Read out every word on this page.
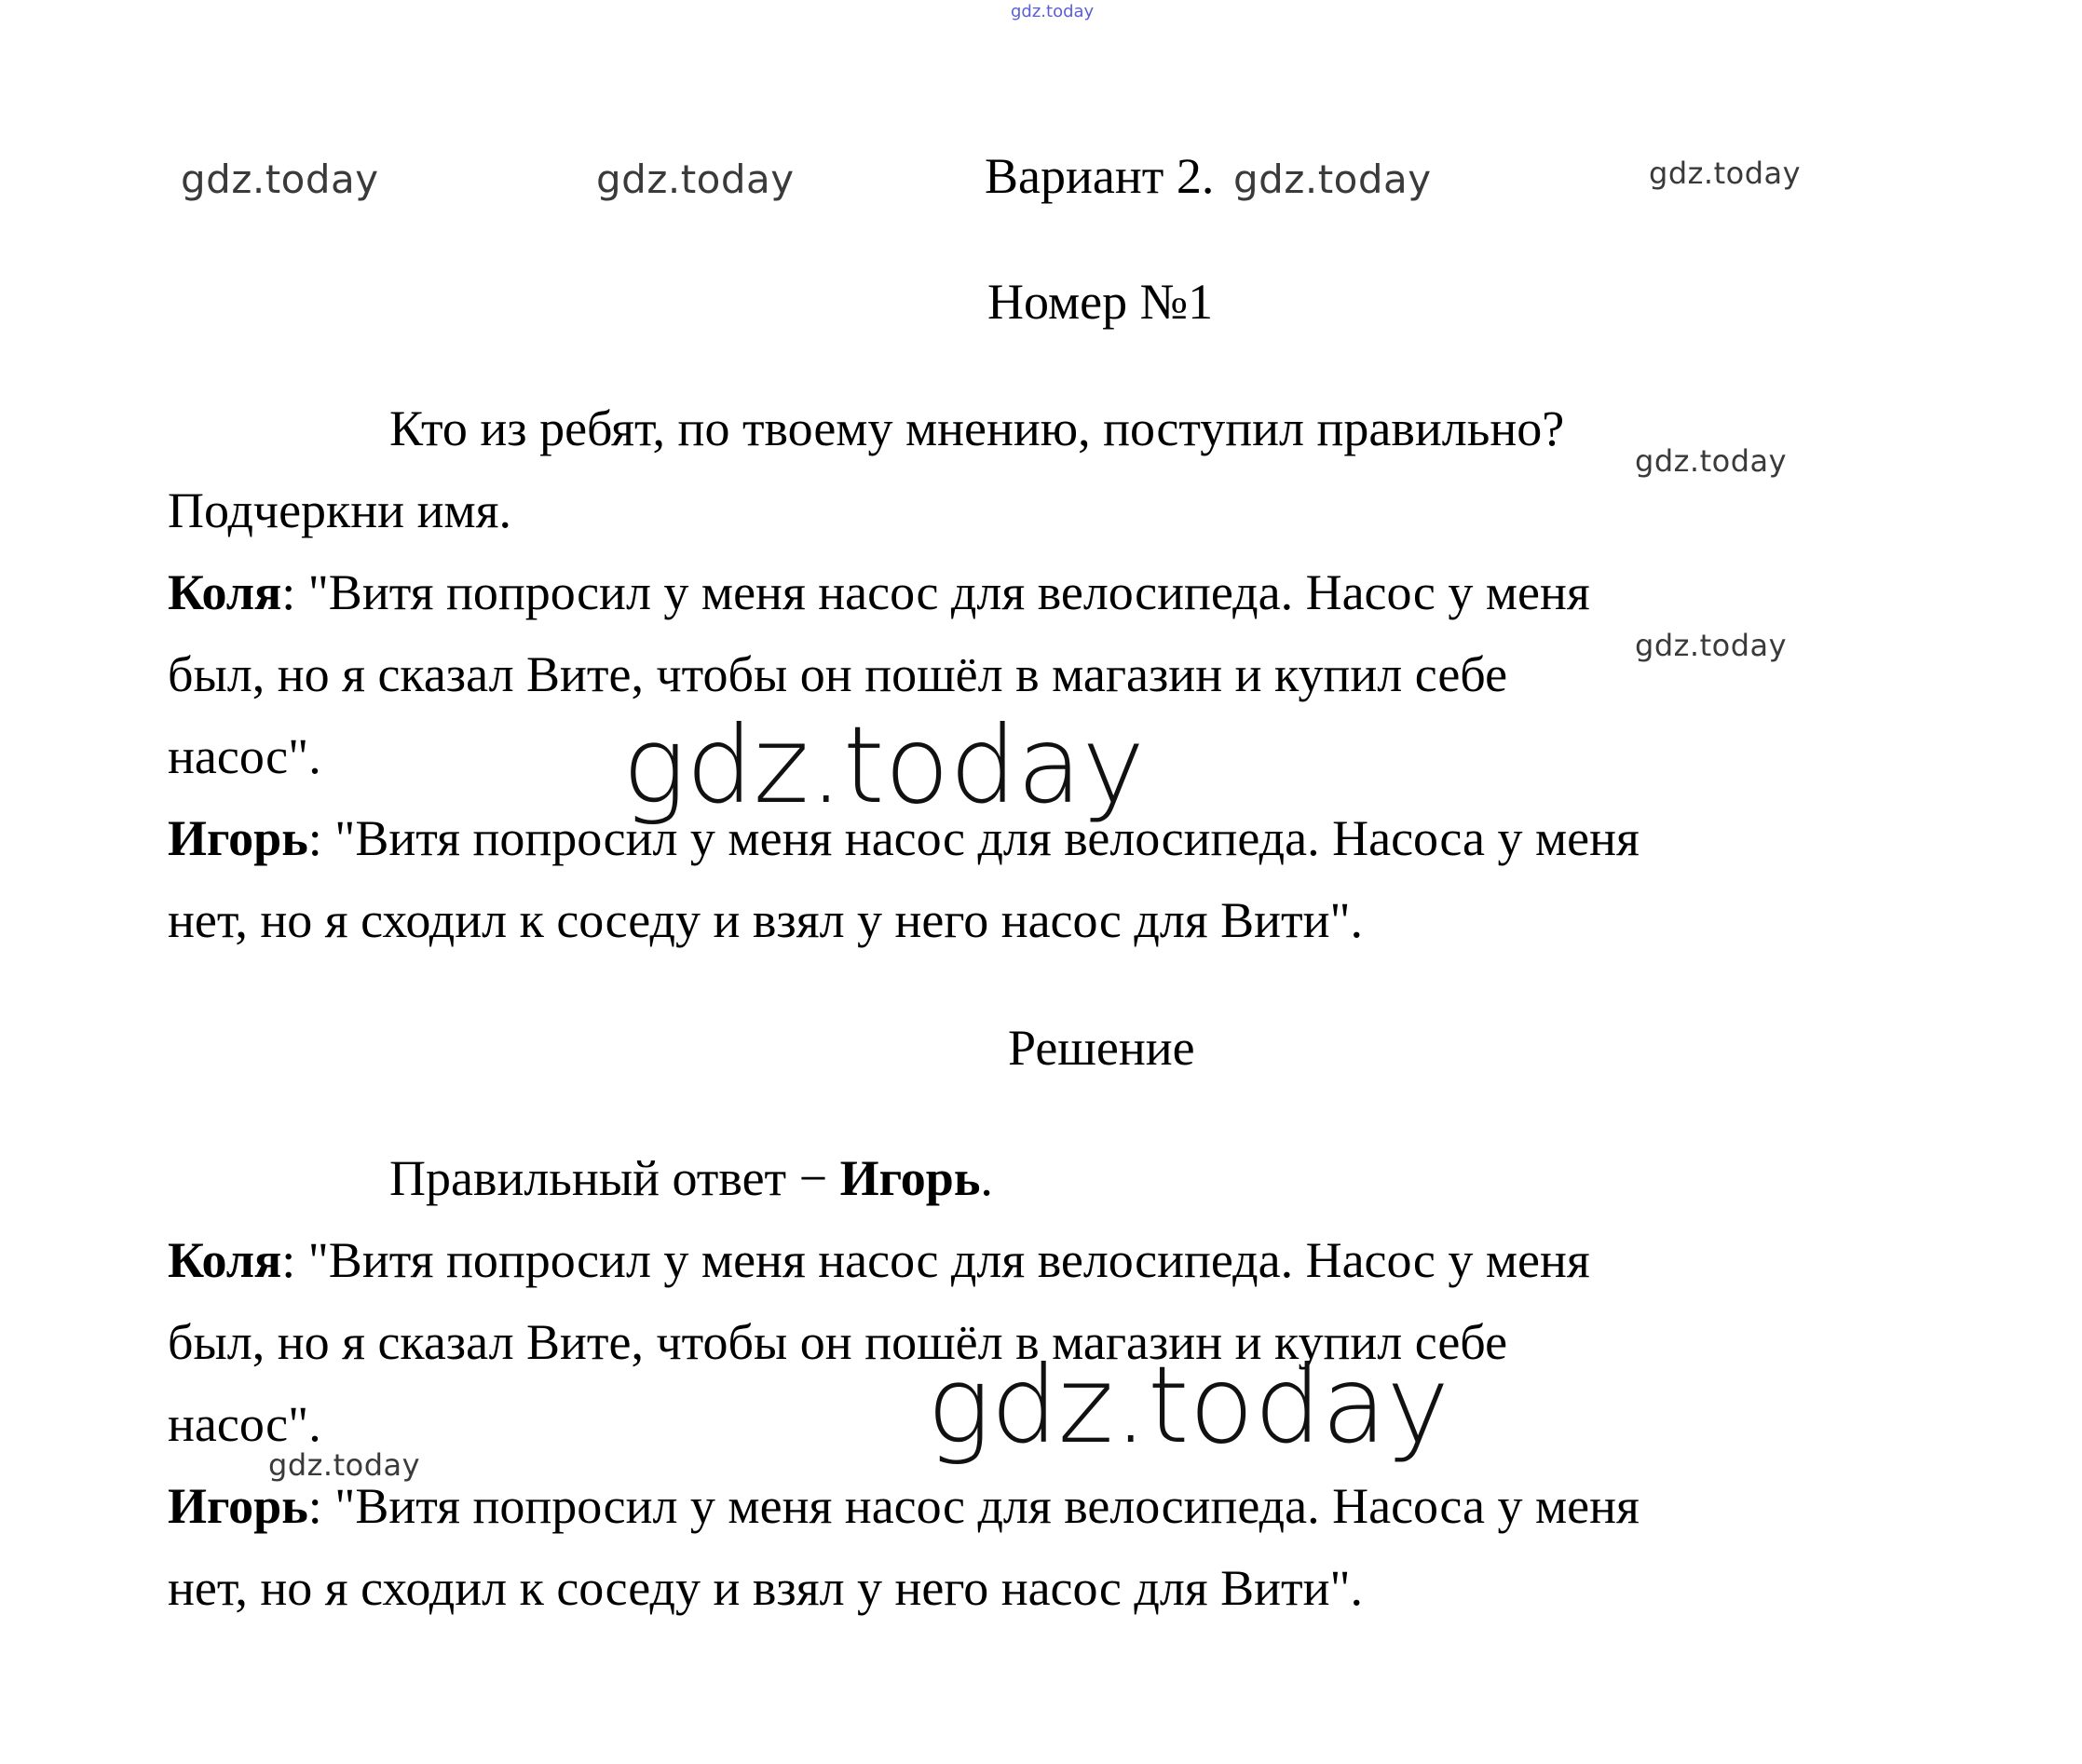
gdz.today
gdz.today	gdz.today	Вариант 2. gdz.today	gdz.today
Номер №1
Кто из ребят, по твоему мнению, поступил правильно?
gdz.today
Подчеркни имя.
Коля: "Витя попросил у меня насос для велосипеда. Насос у меня
gdz.today
был, но я сказал Вите, чтобы он пошёл в магазин и купил себе
насос".	gdz.today
Игорь: "Витя попросил у меня насос для велосипеда. Насоса у меня
нет, но я сходил к соседу и взял у него насос для Вити".
Решение
Правильный ответ − Игорь.
Коля: "Витя попросил у меня насос для велосипеда. Насос у меня
был, но я сказал Вите, чтобы он пошёл в магазин и купил себе
насос".	gdz.today
gdz.today
Игорь: "Витя попросил у меня насос для велосипеда. Насоса у меня
нет, но я сходил к соседу и взял у него насос для Вити".
